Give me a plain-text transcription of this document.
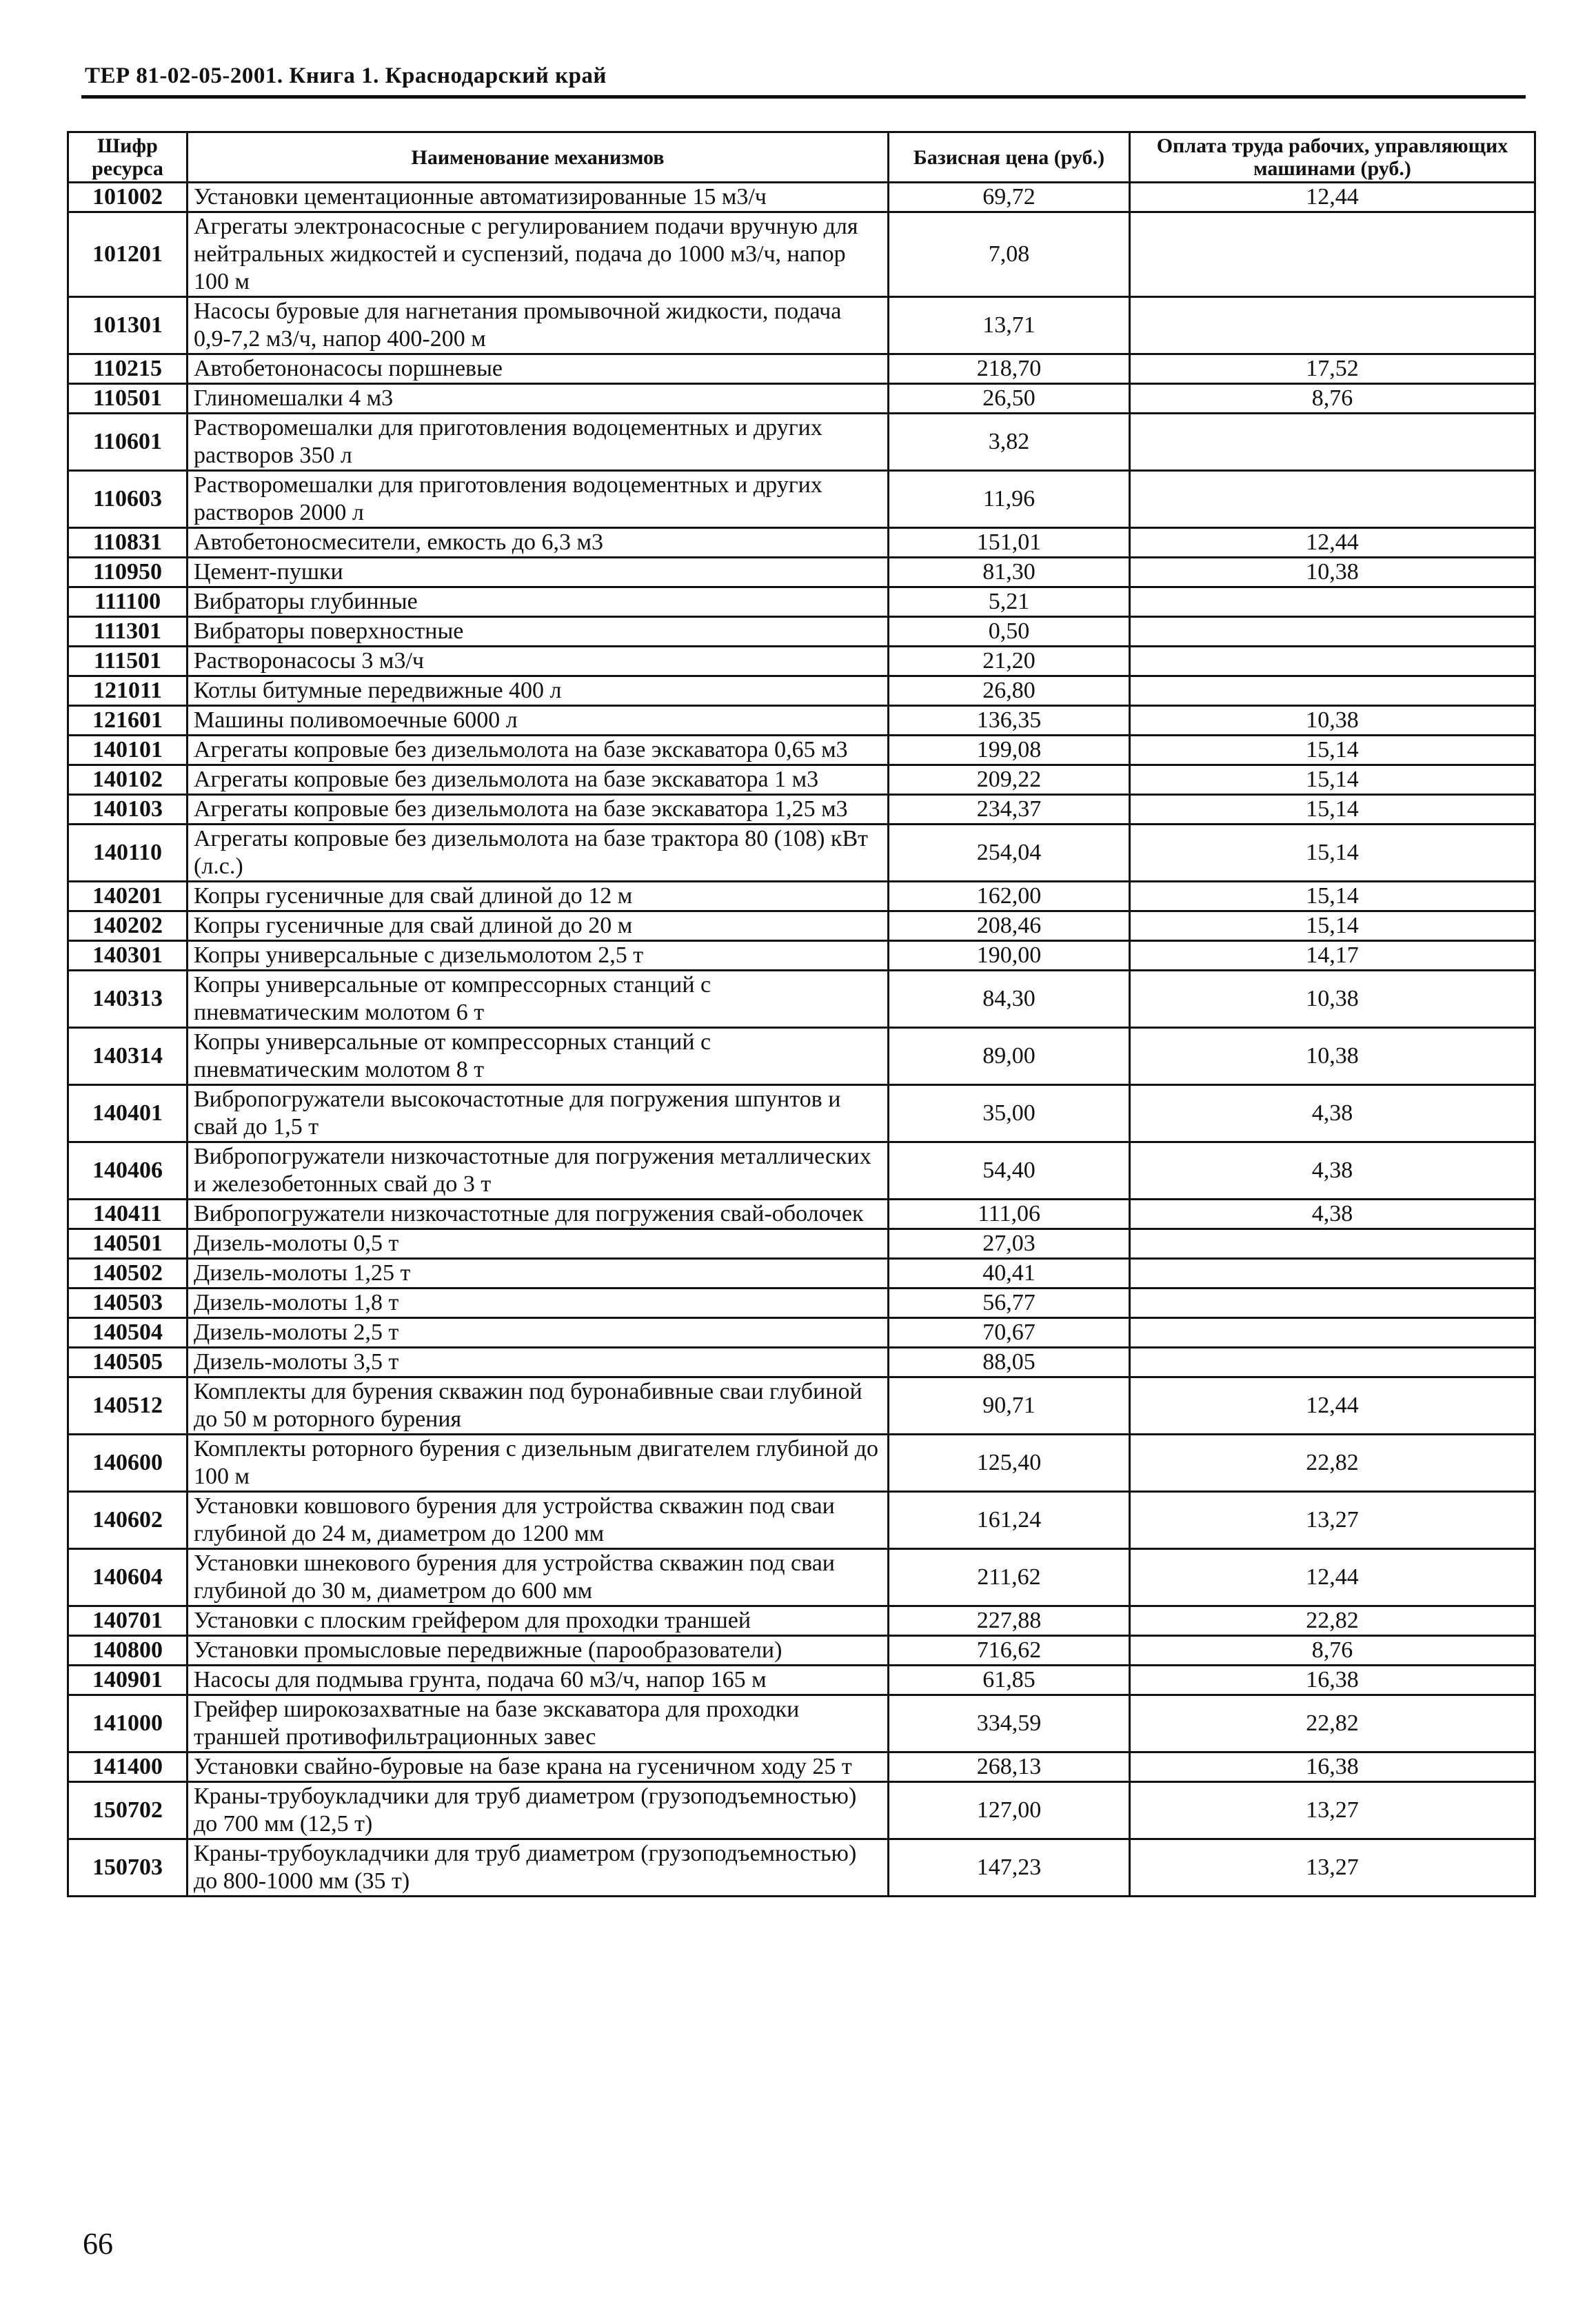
ТЕР 81-02-05-2001. Книга 1. Краснодарский край
Шифр ресурса	Наименование механизмов	Базисная цена (руб.)	Оплата труда рабочих, управляющих машинами (руб.)
101002	Установки цементационные автоматизированные 15 м3/ч	69,72	12,44
101201	Агрегаты электронасосные с регулированием подачи вручную для нейтральных жидкостей и суспензий, подача до 1000 м3/ч, напор 100 м	7,08	
101301	Насосы буровые для нагнетания промывочной жидкости, подача 0,9-7,2 м3/ч, напор 400-200 м	13,71	
110215	Автобетононасосы поршневые	218,70	17,52
110501	Глиномешалки 4 м3	26,50	8,76
110601	Растворомешалки для приготовления водоцементных и других растворов 350 л	3,82	
110603	Растворомешалки для приготовления водоцементных и других растворов 2000 л	11,96	
110831	Автобетоносмесители, емкость до 6,3 м3	151,01	12,44
110950	Цемент-пушки	81,30	10,38
111100	Вибраторы глубинные	5,21	
111301	Вибраторы поверхностные	0,50	
111501	Растворонасосы 3 м3/ч	21,20	
121011	Котлы битумные передвижные 400 л	26,80	
121601	Машины поливомоечные 6000 л	136,35	10,38
140101	Агрегаты копровые без дизельмолота на базе экскаватора 0,65 м3	199,08	15,14
140102	Агрегаты копровые без дизельмолота на базе экскаватора 1 м3	209,22	15,14
140103	Агрегаты копровые без дизельмолота на базе экскаватора 1,25 м3	234,37	15,14
140110	Агрегаты копровые без дизельмолота на базе трактора 80 (108) кВт (л.с.)	254,04	15,14
140201	Копры гусеничные для свай длиной до 12 м	162,00	15,14
140202	Копры гусеничные для свай длиной до 20 м	208,46	15,14
140301	Копры универсальные с дизельмолотом 2,5 т	190,00	14,17
140313	Копры универсальные от компрессорных станций с пневматическим молотом 6 т	84,30	10,38
140314	Копры универсальные от компрессорных станций с пневматическим молотом 8 т	89,00	10,38
140401	Вибропогружатели высокочастотные для погружения шпунтов и свай до 1,5 т	35,00	4,38
140406	Вибропогружатели низкочастотные для погружения металлических и железобетонных свай до 3 т	54,40	4,38
140411	Вибропогружатели низкочастотные для погружения свай-оболочек	111,06	4,38
140501	Дизель-молоты 0,5 т	27,03	
140502	Дизель-молоты 1,25 т	40,41	
140503	Дизель-молоты 1,8 т	56,77	
140504	Дизель-молоты 2,5 т	70,67	
140505	Дизель-молоты 3,5 т	88,05	
140512	Комплекты для бурения скважин под буронабивные сваи глубиной до 50 м роторного бурения	90,71	12,44
140600	Комплекты роторного бурения с дизельным двигателем глубиной до 100 м	125,40	22,82
140602	Установки ковшового бурения для устройства скважин под сваи глубиной до 24 м, диаметром до 1200 мм	161,24	13,27
140604	Установки шнекового бурения для устройства скважин под сваи глубиной до 30 м, диаметром до 600 мм	211,62	12,44
140701	Установки с плоским грейфером для проходки траншей	227,88	22,82
140800	Установки промысловые передвижные (парообразователи)	716,62	8,76
140901	Насосы для подмыва грунта, подача 60 м3/ч, напор 165 м	61,85	16,38
141000	Грейфер широкозахватные на базе экскаватора для проходки траншей противофильтрационных завес	334,59	22,82
141400	Установки свайно-буровые на базе крана на гусеничном ходу 25 т	268,13	16,38
150702	Краны-трубоукладчики для труб диаметром (грузоподъемностью) до 700 мм (12,5 т)	127,00	13,27
150703	Краны-трубоукладчики для труб диаметром (грузоподъемностью) до 800-1000 мм (35 т)	147,23	13,27
66
